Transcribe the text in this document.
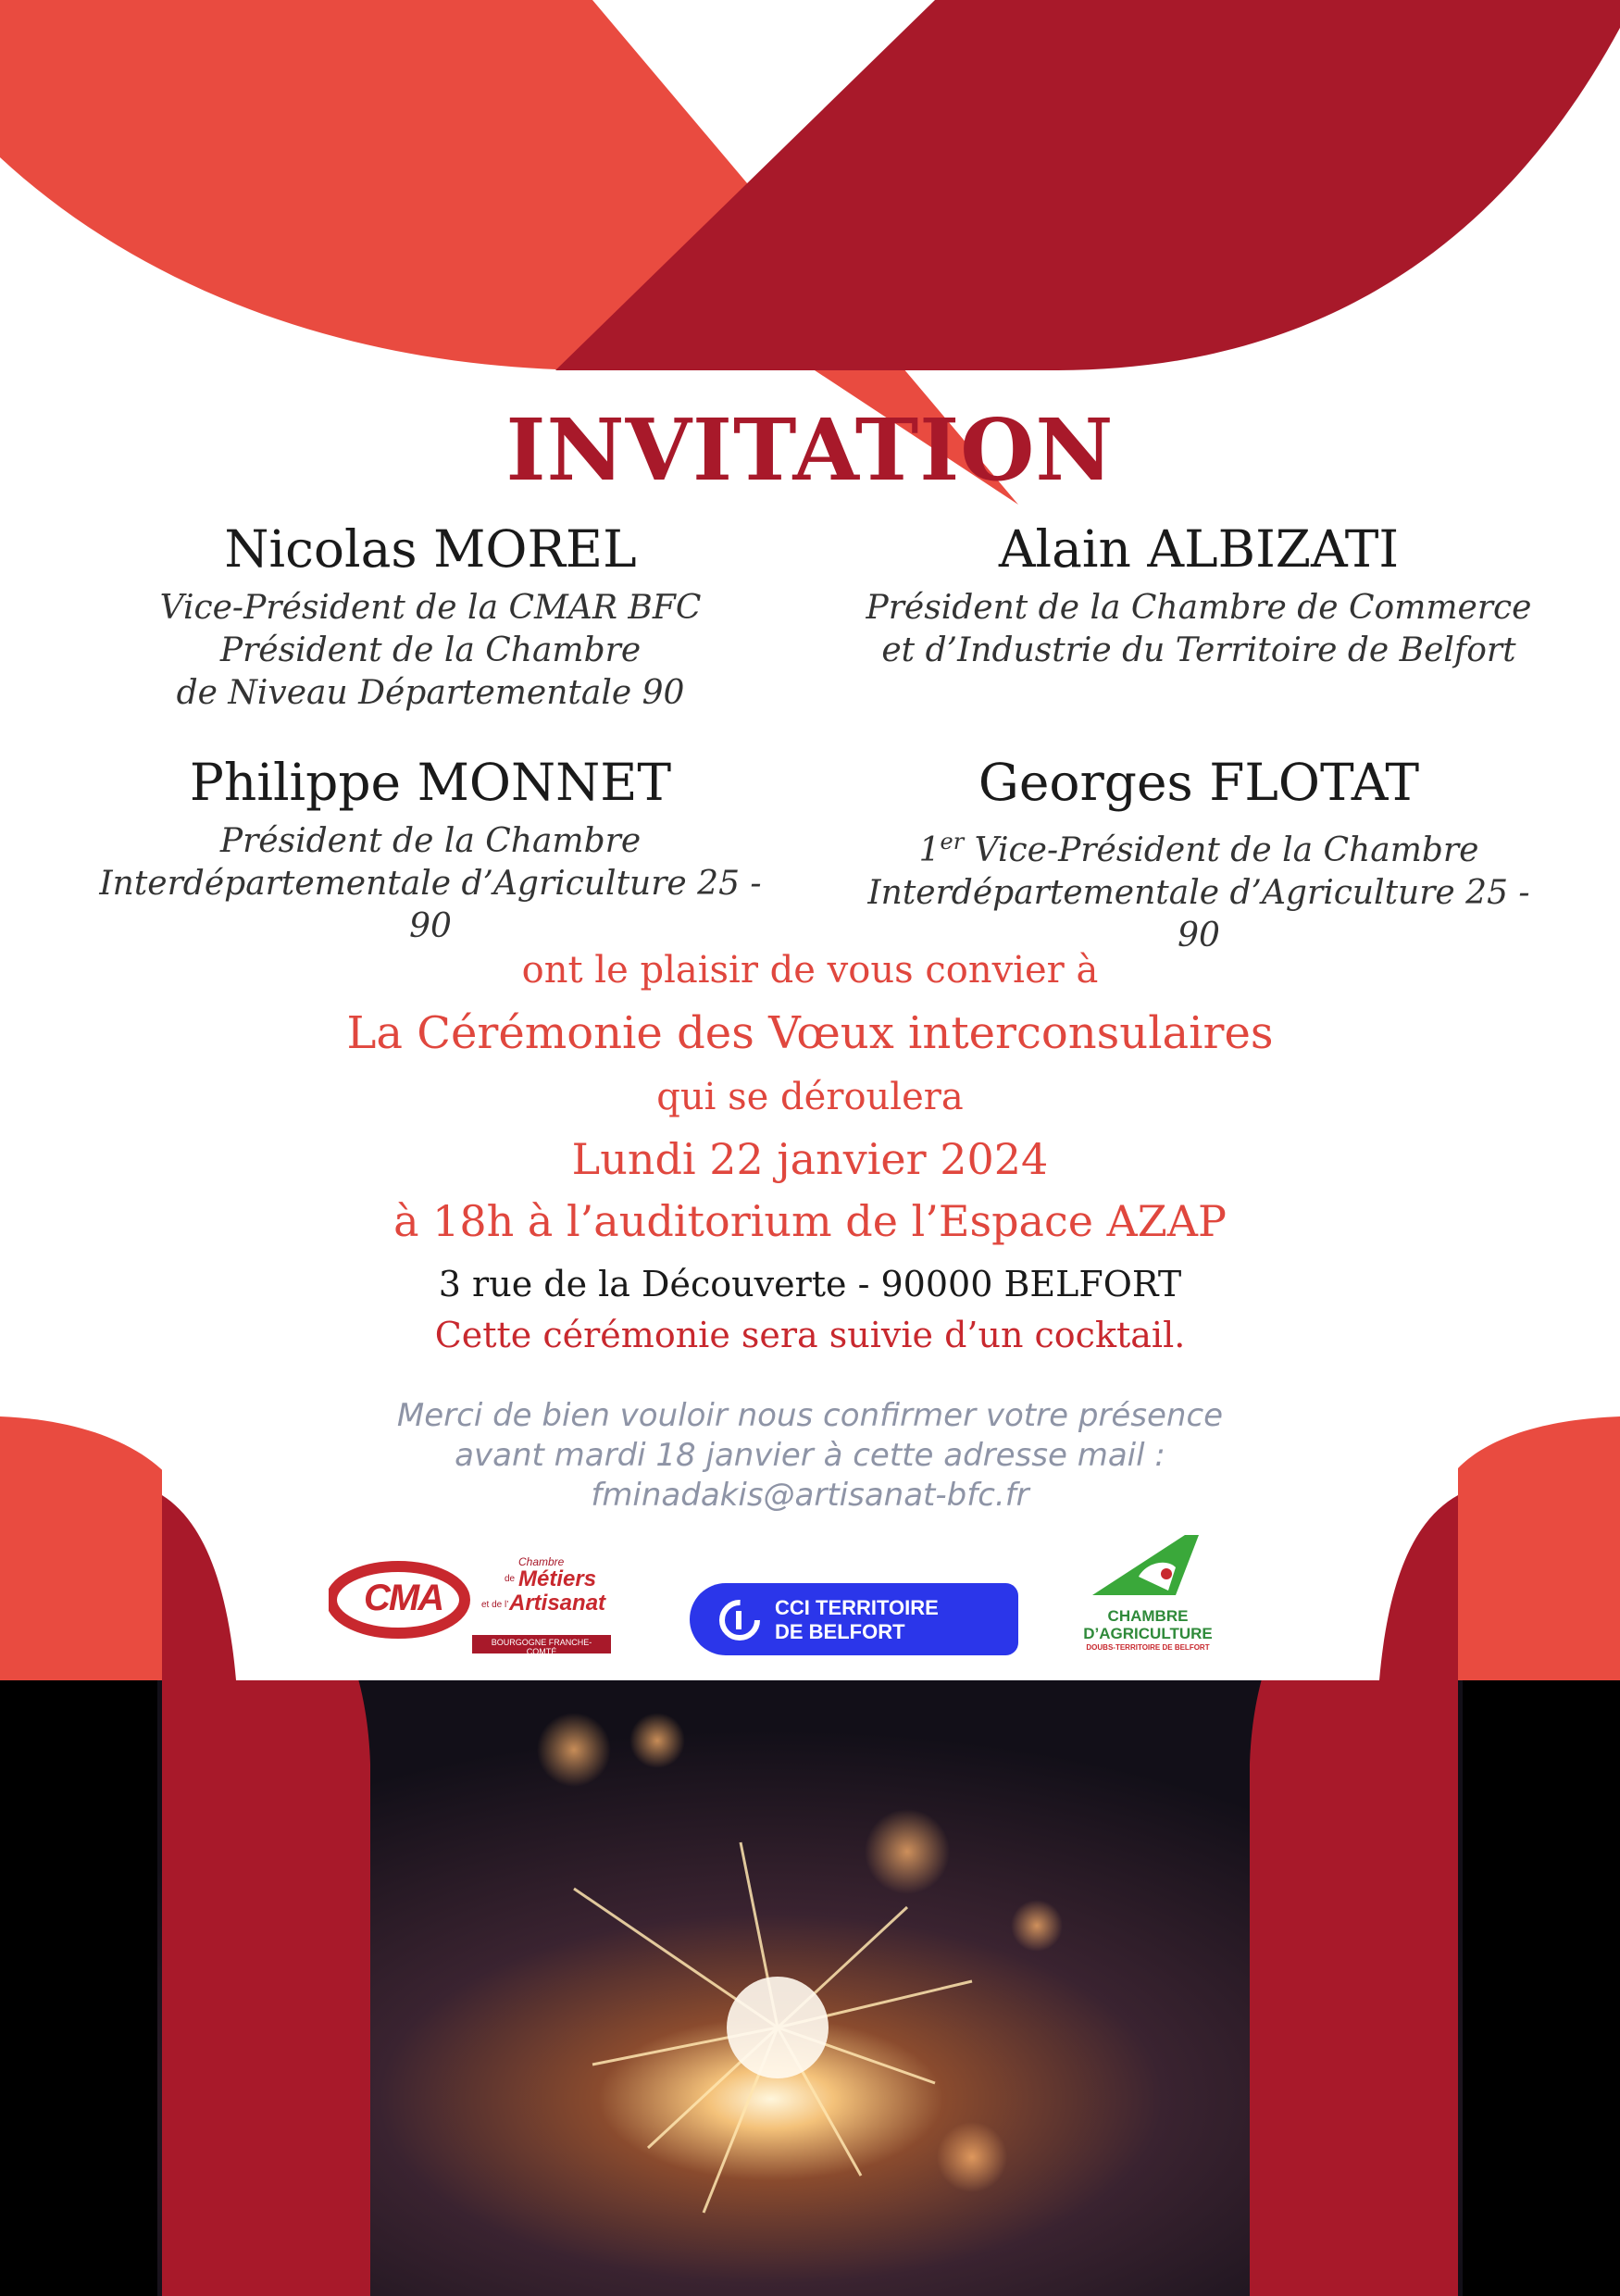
INVITATION
Nicolas MOREL
Vice-Président de la CMAR BFC
Président de la Chambre
de Niveau Départementale 90
Alain ALBIZATI
Président de la Chambre de Commerce
et d’Industrie du Territoire de Belfort
Philippe MONNET
Président de la Chambre
Interdépartementale d’Agriculture 25 - 90
Georges FLOTAT
1er Vice-Président de la Chambre
Interdépartementale d’Agriculture 25 - 90
ont le plaisir de vous convier à
La Cérémonie des Vœux interconsulaires
qui se déroulera
Lundi 22 janvier 2024
à 18h à l’auditorium de l’Espace AZAP
3 rue de la Découverte - 90000 BELFORT
Cette cérémonie sera suivie d’un cocktail.
Merci de bien vouloir nous confirmer votre présence
avant mardi 18 janvier à cette adresse mail :
fminadakis@artisanat-bfc.fr
CMA
Chambre
de Métiers
et de l’ Artisanat
BOURGOGNE FRANCHE-COMTÉ
CCI TERRITOIRE
DE BELFORT
CHAMBRE
D’AGRICULTURE
DOUBS-TERRITOIRE DE BELFORT
